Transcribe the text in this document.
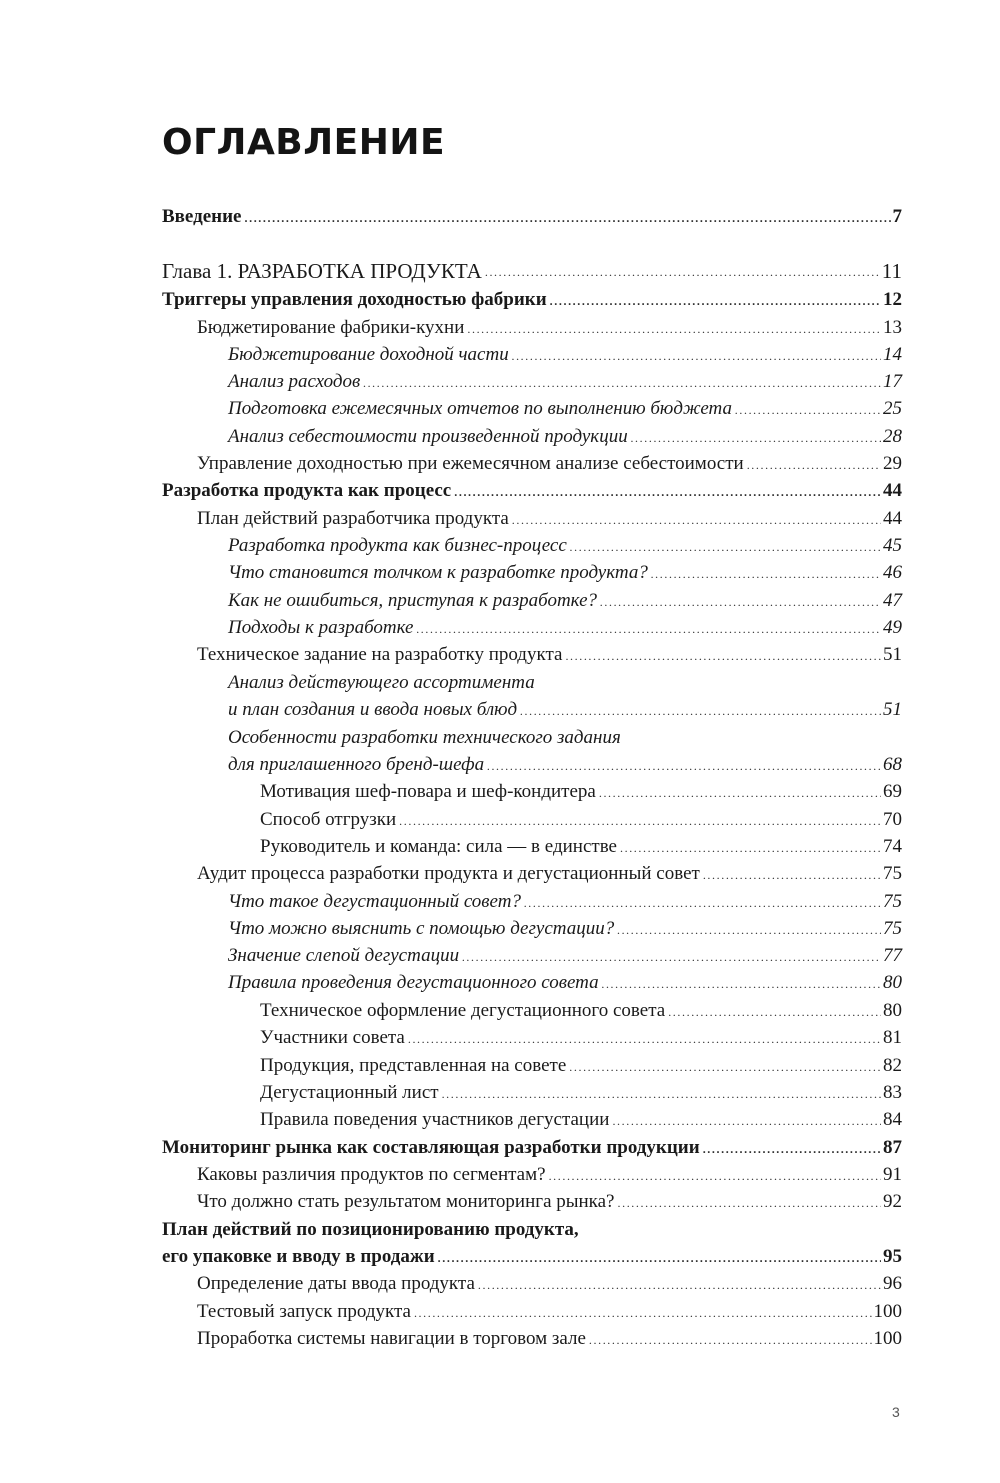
ОГЛАВЛЕНИЕ
Введение .....	7
Глава 1. РАЗРАБОТКА ПРОДУКТА .....	11
Триггеры управления доходностью фабрики .....	12
Бюджетирование фабрики-кухни .....	13
Бюджетирование доходной части .....	14
Анализ расходов .....	17
Подготовка ежемесячных отчетов по выполнению бюджета .....	25
Анализ себестоимости произведенной продукции .....	28
Управление доходностью при ежемесячном анализе себестоимости .....	29
Разработка продукта как процесс .....	44
План действий разработчика продукта .....	44
Разработка продукта как бизнес-процесс .....	45
Что становится толчком к разработке продукта? .....	46
Как не ошибиться, приступая к разработке? .....	47
Подходы к разработке .....	49
Техническое задание на разработку продукта .....	51
Анализ действующего ассортимента
и план создания и ввода новых блюд .....	51
Особенности разработки технического задания
для приглашенного бренд-шефа .....	68
Мотивация шеф-повара и шеф-кондитера .....	69
Способ отгрузки .....	70
Руководитель и команда: сила — в единстве .....	74
Аудит процесса разработки продукта и дегустационный совет .....	75
Что такое дегустационный совет? .....	75
Что можно выяснить с помощью дегустации? .....	75
Значение слепой дегустации .....	77
Правила проведения дегустационного совета .....	80
Техническое оформление дегустационного совета .....	80
Участники совета .....	81
Продукция, представленная на совете .....	82
Дегустационный лист .....	83
Правила поведения участников дегустации .....	84
Мониторинг рынка как составляющая разработки продукции .....	87
Каковы различия продуктов по сегментам? .....	91
Что должно стать результатом мониторинга рынка? .....	92
План действий по позиционированию продукта,
его упаковке и вводу в продажи .....	95
Определение даты ввода продукта .....	96
Тестовый запуск продукта .....	100
Проработка системы навигации в торговом зале .....	100
3
